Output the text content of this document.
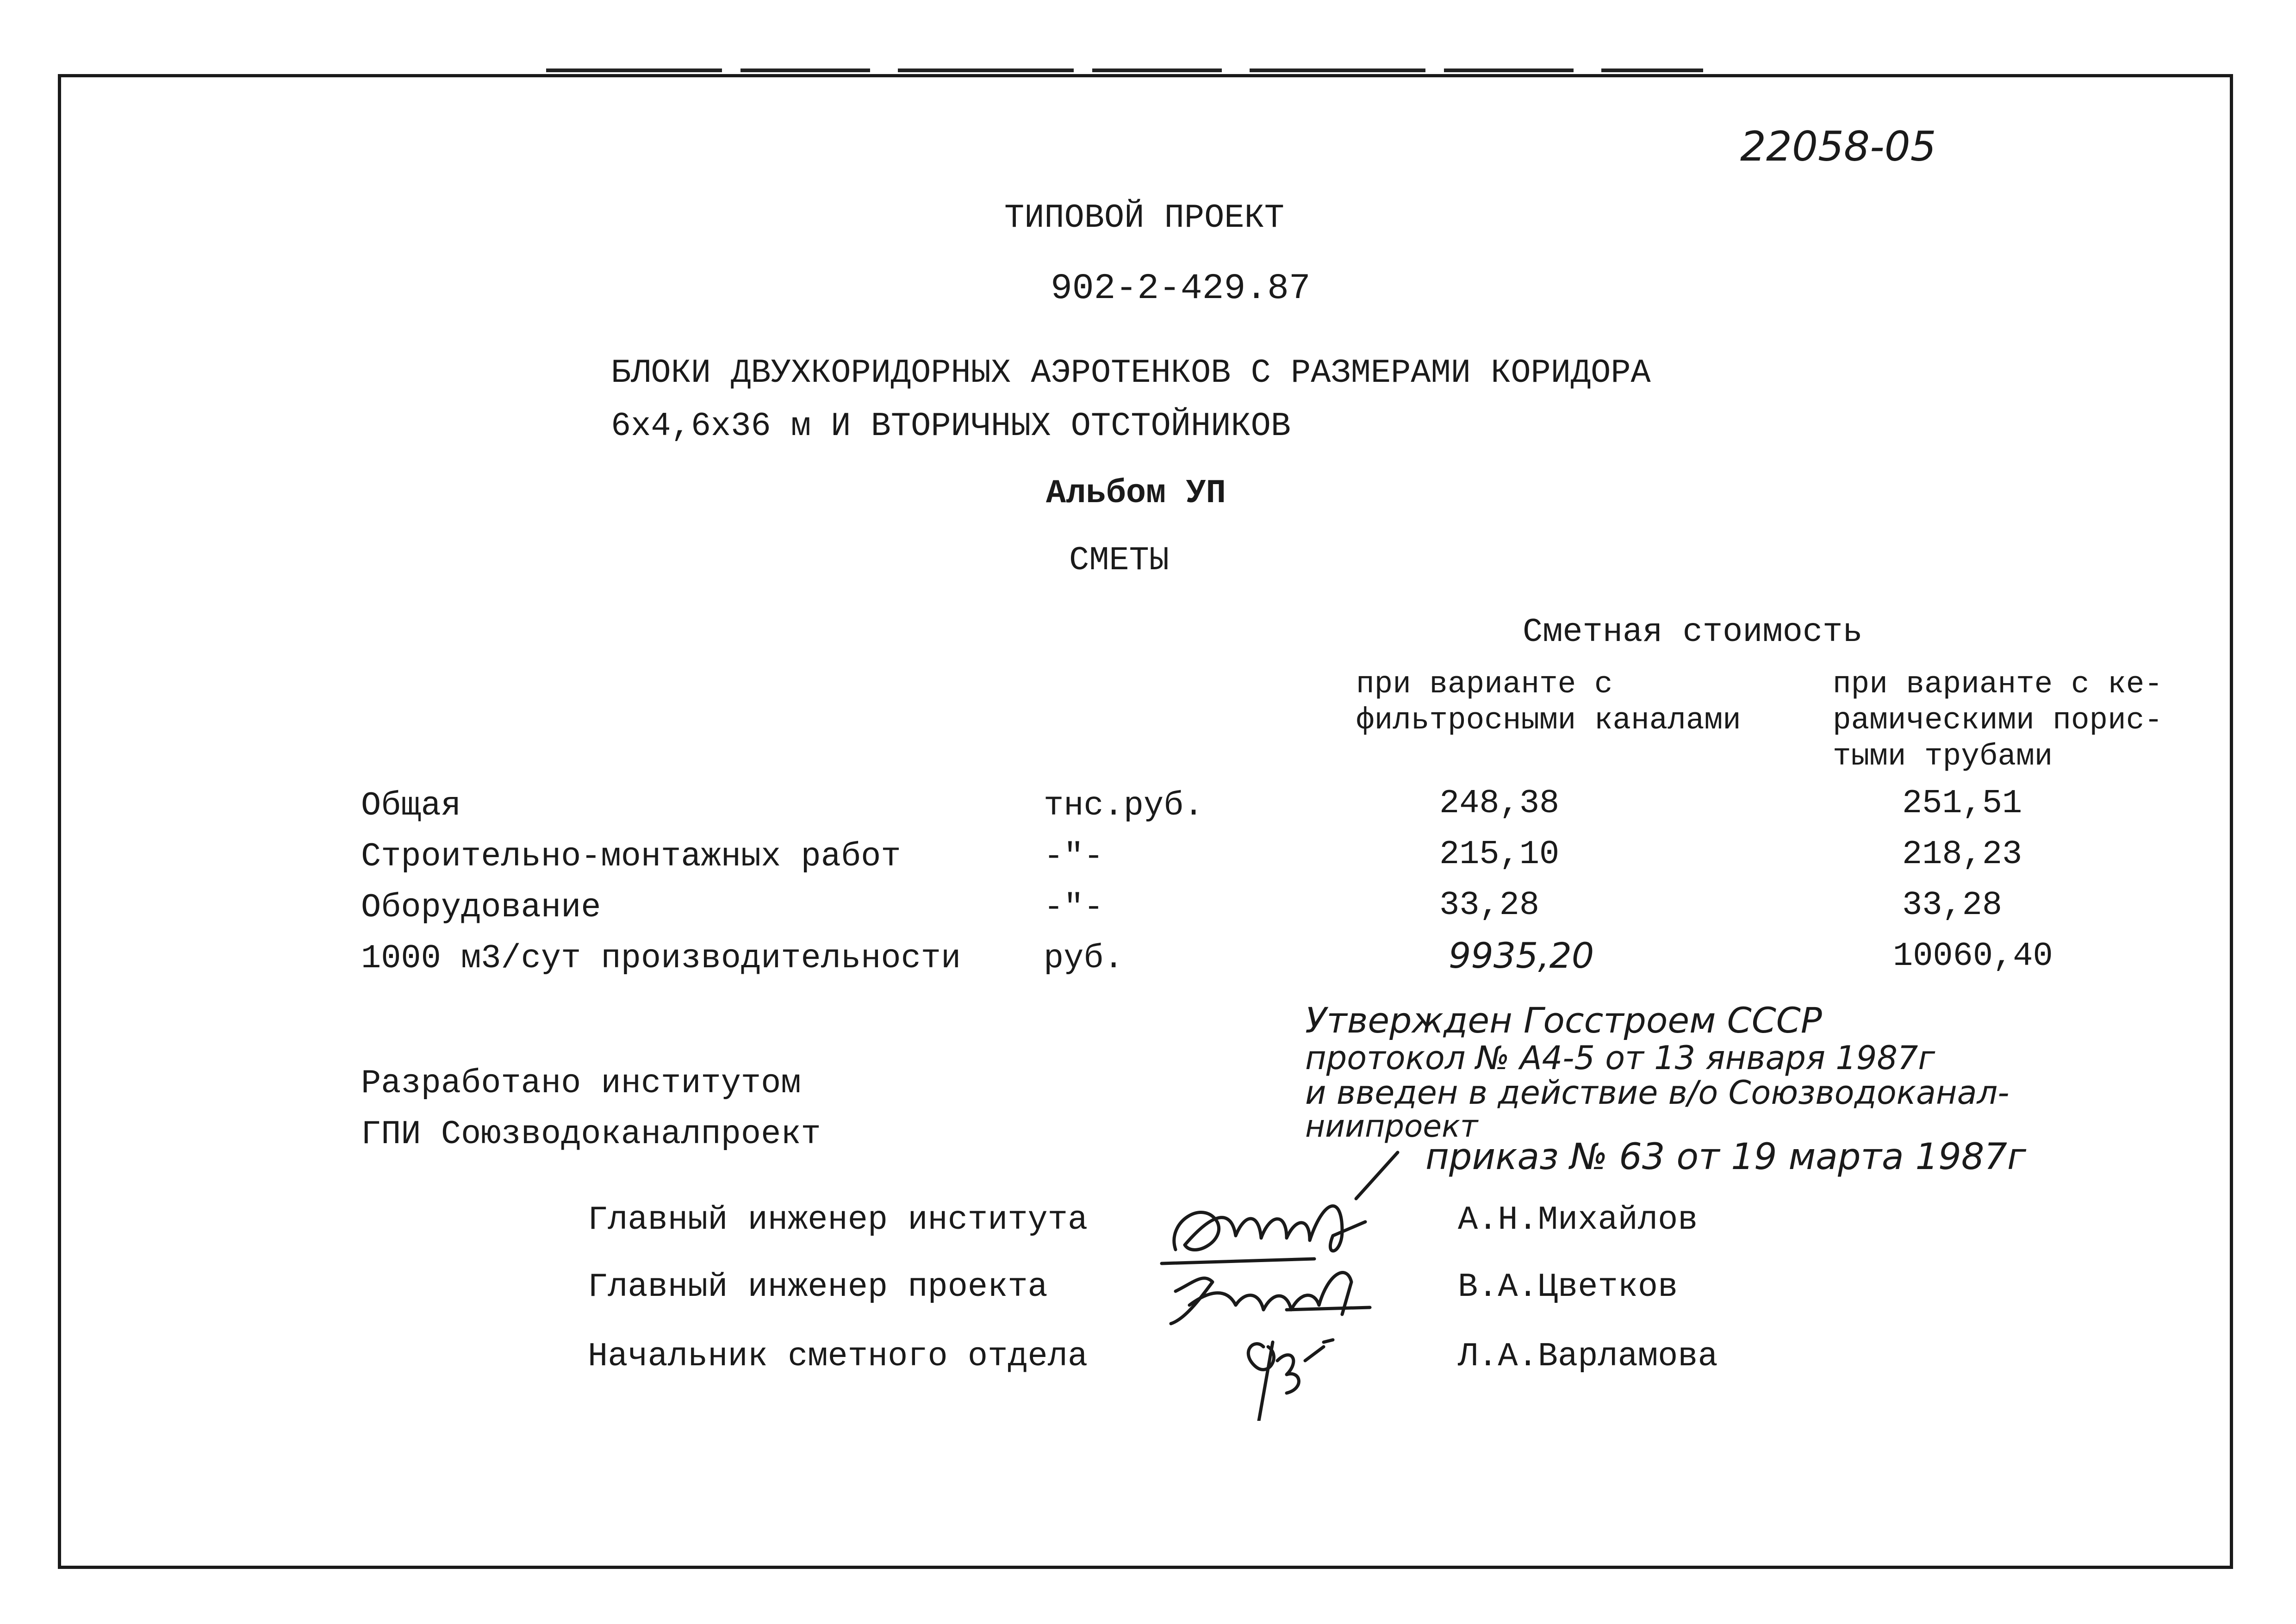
22058-05
ТИПОВОЙ ПРОЕКТ
902-2-429.87
БЛОКИ ДВУХКОРИДОРНЫХ АЭРОТЕНКОВ С РАЗМЕРАМИ КОРИДОРА
6x4,6x36 м И ВТОРИЧНЫХ ОТСТОЙНИКОВ
Альбом УП
СМЕТЫ
Сметная стоимость
при варианте с фильтросными каналами
при варианте с ке-рамическими порис-тыми трубами
Общая	тнс.руб.	248,38	251,51
Строительно-монтажных работ	-"-	215,10	218,23
Оборудование	-"-	33,28	33,28
1000 м3/сут производительности руб.	9935,20	10060,40
Утвержден Госстроем СССР
протокол № А4-5 от 13 января 1987г
и введен в действие в/о Союзводоканал-
ниипроект
приказ № 63 от 19 марта 1987г
Разработано институтом
ГПИ Союзводоканалпроект
Главный инженер института	А.Н.Михайлов
Главный инженер проекта	В.А.Цветков
Начальник сметного отдела	Л.А.Варламова
